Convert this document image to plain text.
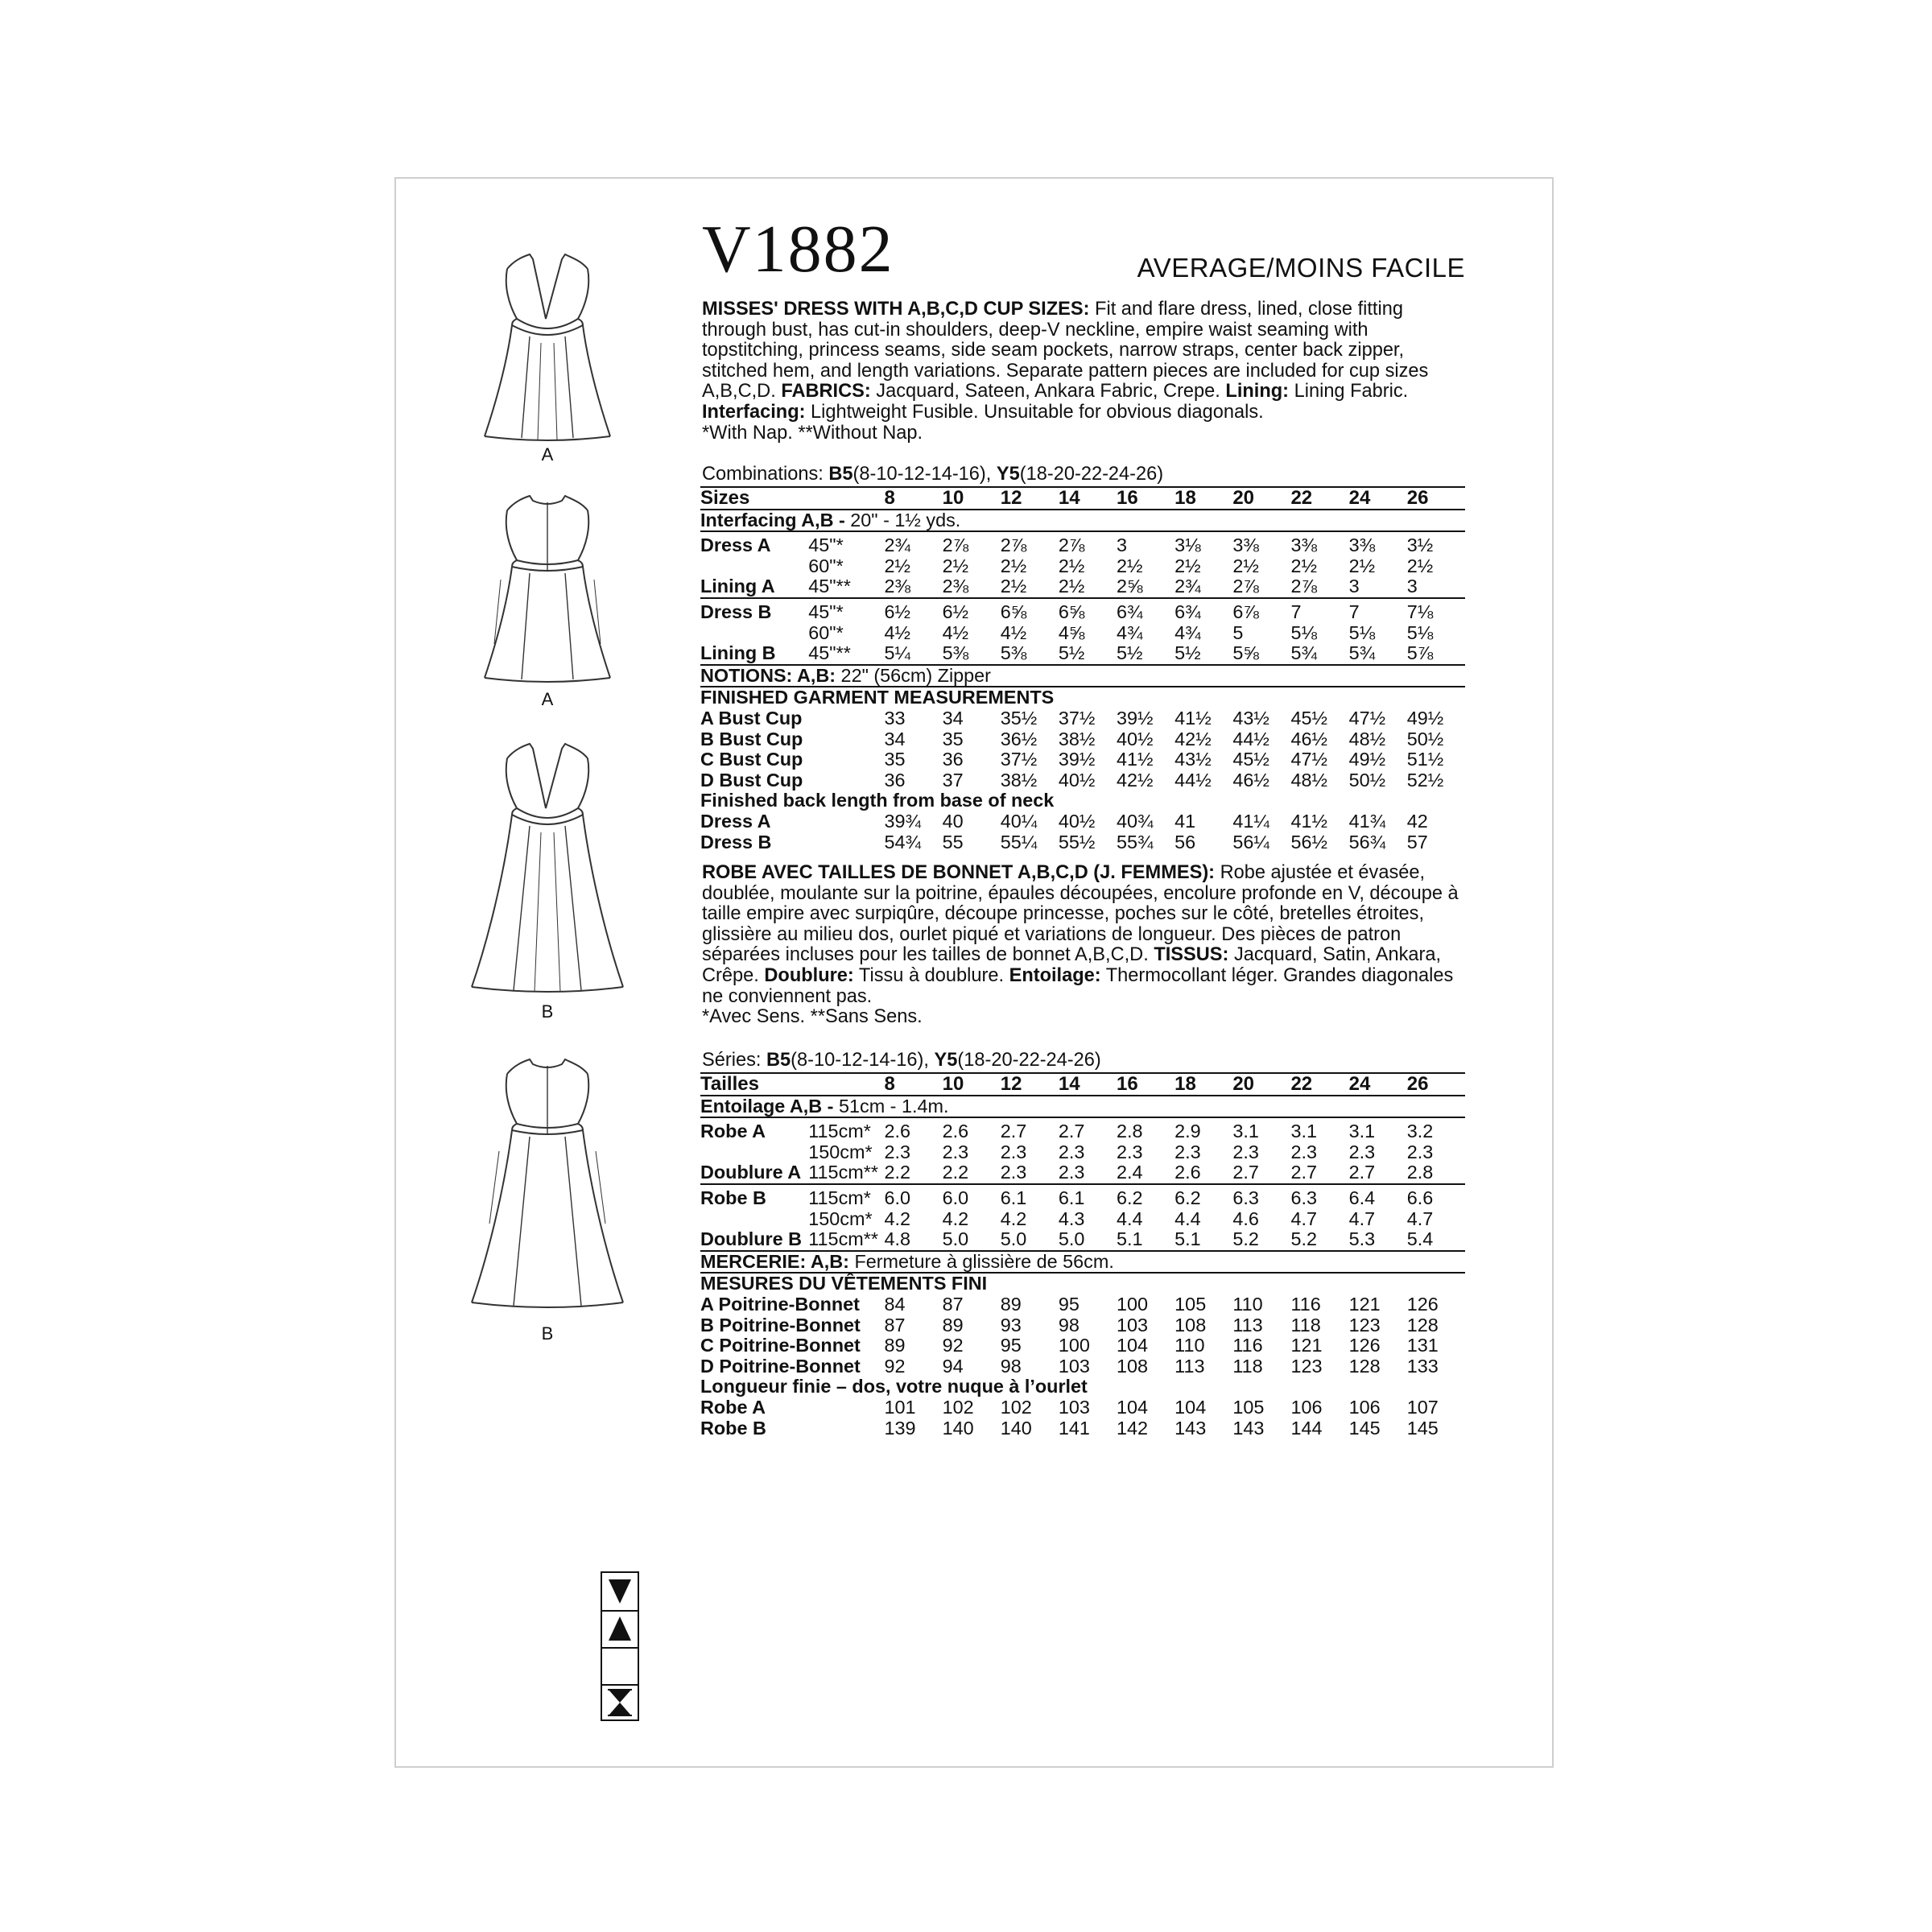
A
A
B
B
V1882	AVERAGE/MOINS FACILE
MISSES' DRESS WITH A,B,C,D CUP SIZES: Fit and flare dress, lined, close fitting through bust, has cut-in shoulders, deep-V neckline, empire waist seaming with topstitching, princess seams, side seam pockets, narrow straps, center back zipper, stitched hem, and length variations. Separate pattern pieces are included for cup sizes A,B,C,D. FABRICS: Jacquard, Sateen, Ankara Fabric, Crepe. Lining: Lining Fabric. Interfacing: Lightweight Fusible. Unsuitable for obvious diagonals.
*With Nap. **Without Nap.
Combinations: B5(8-10-12-14-16), Y5(18-20-22-24-26)
Sizes		8	10	12	14	16	18	20	22	24	26
Interfacing A,B - 20" - 1½ yds.											
Dress A	45"*	2¾	2⅞	2⅞	2⅞	3	3⅛	3⅜	3⅜	3⅜	3½
	60"*	2½	2½	2½	2½	2½	2½	2½	2½	2½	2½
Lining A	45"**	2⅜	2⅜	2½	2½	2⅝	2¾	2⅞	2⅞	3	3
Dress B	45"*	6½	6½	6⅝	6⅝	6¾	6¾	6⅞	7	7	7⅛
	60"*	4½	4½	4½	4⅝	4¾	4¾	5	5⅛	5⅛	5⅛
Lining B	45"**	5¼	5⅜	5⅜	5½	5½	5½	5⅝	5¾	5¾	5⅞
NOTIONS: A,B: 22" (56cm) Zipper											
FINISHED GARMENT MEASUREMENTS											
A Bust Cup		33	34	35½	37½	39½	41½	43½	45½	47½	49½
B Bust Cup		34	35	36½	38½	40½	42½	44½	46½	48½	50½
C Bust Cup		35	36	37½	39½	41½	43½	45½	47½	49½	51½
D Bust Cup		36	37	38½	40½	42½	44½	46½	48½	50½	52½
Finished back length from base of neck											
Dress A		39¾	40	40¼	40½	40¾	41	41¼	41½	41¾	42
Dress B		54¾	55	55¼	55½	55¾	56	56¼	56½	56¾	57
ROBE AVEC TAILLES DE BONNET A,B,C,D (J. FEMMES): Robe ajustée et évasée, doublée, moulante sur la poitrine, épaules découpées, encolure profonde en V, découpe à taille empire avec surpiqûre, découpe princesse, poches sur le côté, bretelles étroites, glissière au milieu dos, ourlet piqué et variations de longueur. Des pièces de patron séparées incluses pour les tailles de bonnet A,B,C,D. TISSUS: Jacquard, Satin, Ankara, Crêpe. Doublure: Tissu à doublure. Entoilage: Thermocollant léger. Grandes diagonales ne conviennent pas.
*Avec Sens. **Sans Sens.
Séries: B5(8-10-12-14-16), Y5(18-20-22-24-26)
Tailles		8	10	12	14	16	18	20	22	24	26
Entoilage A,B - 51cm - 1.4m.											
Robe A	115cm*	2.6	2.6	2.7	2.7	2.8	2.9	3.1	3.1	3.1	3.2
	150cm*	2.3	2.3	2.3	2.3	2.3	2.3	2.3	2.3	2.3	2.3
Doublure A	115cm**	2.2	2.2	2.3	2.3	2.4	2.6	2.7	2.7	2.7	2.8
Robe B	115cm*	6.0	6.0	6.1	6.1	6.2	6.2	6.3	6.3	6.4	6.6
	150cm*	4.2	4.2	4.2	4.3	4.4	4.4	4.6	4.7	4.7	4.7
Doublure B	115cm**	4.8	5.0	5.0	5.0	5.1	5.1	5.2	5.2	5.3	5.4
MERCERIE: A,B: Fermeture à glissière de 56cm.											
MESURES DU VÊTEMENTS FINI											
A Poitrine-Bonnet		84	87	89	95	100	105	110	116	121	126
B Poitrine-Bonnet		87	89	93	98	103	108	113	118	123	128
C Poitrine-Bonnet		89	92	95	100	104	110	116	121	126	131
D Poitrine-Bonnet		92	94	98	103	108	113	118	123	128	133
Longueur finie – dos, votre nuque à l’ourlet											
Robe A		101	102	102	103	104	104	105	106	106	107
Robe B		139	140	140	141	142	143	143	144	145	145
